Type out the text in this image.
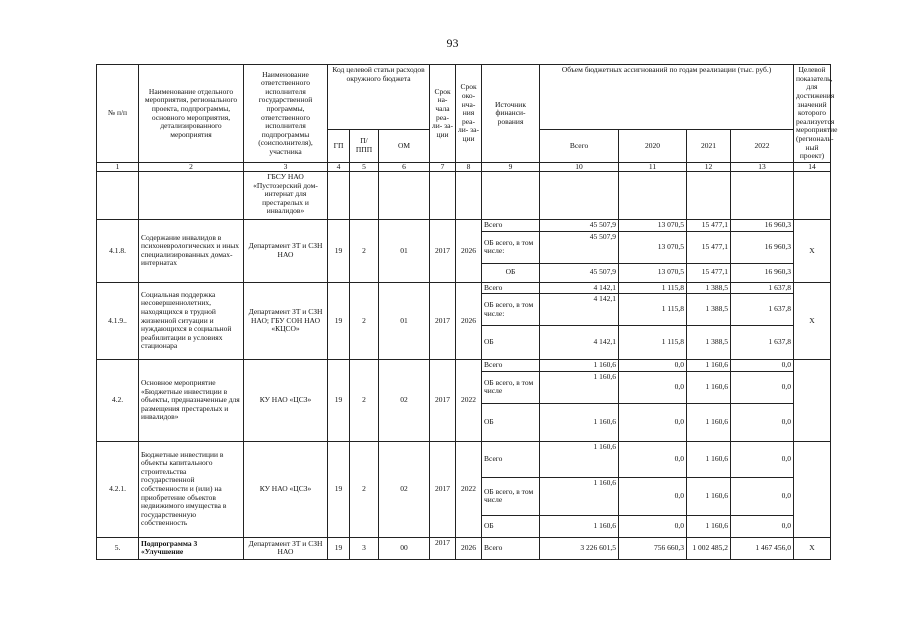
93
№ п/п	Наименование отдельного мероприятия, регионального проекта, подпрограммы, основного мероприятия, детализированного мероприятия	Наименование ответственного исполнителя государственной программы, ответственного исполнителя подпрограммы (соисполнителя), участника	Код целевой статьи расходов окружного бюджета			Срок на- чала реа- ли- за- ции	Срок око- нча- ния реа- ли- за- ции	Источник финанси- рования	Объем бюджетных ассигнований по годам реализации (тыс. руб.)				Целевой показатель, для достижения значений которого реализуется мероприятие (региональ- ный проект)
			ГП	П/ ППП	ОМ				Всего	2020	2021	2022	
1	2	3	4	5	6	7	8	9	10	11	12	13	14
		ГБСУ НАО «Пустозерский дом-интернат для престарелых и инвалидов»											
4.1.8.	Содержание инвалидов в психоневрологических и иных специализированных домах-интернатах	Департамент ЗТ и СЗН НАО	19	2	01	2017	2026	Всего	45 507,9	13 070,5	15 477,1	16 960,3	X
								ОБ всего, в том числе:	45 507,9	13 070,5	15 477,1	16 960,3	
								ОБ	45 507,9	13 070,5	15 477,1	16 960,3	
4.1.9..	Социальная поддержка несовершеннолетних, находящихся в трудной жизненной ситуации и нуждающихся в социальной реабилитации в условиях стационара	Департамент ЗТ и СЗН НАО; ГБУ СОН НАО «КЦСО»	19	2	01	2017	2026	Всего	4 142,1	1 115,8	1 388,5	1 637,8	X
								ОБ всего, в том числе:	4 142,1	1 115,8	1 388,5	1 637,8	
								ОБ	4 142,1	1 115,8	1 388,5	1 637,8	
4.2.	Основное мероприятие «Бюджетные инвестиции в объекты, предназначенные для размещения престарелых и инвалидов»	КУ НАО «ЦСЗ»	19	2	02	2017	2022	Всего	1 160,6	0,0	1 160,6	0,0	
								ОБ всего, в том числе	1 160,6	0,0	1 160,6	0,0	
								ОБ	1 160,6	0,0	1 160,6	0,0	
4.2.1.	Бюджетные инвестиции в объекты капитального строительства государственной собственности и (или) на приобретение объектов недвижимого имущества в государственную собственность	КУ НАО «ЦСЗ»	19	2	02	2017	2022	Всего	1 160,6	0,0	1 160,6	0,0	
								ОБ всего, в том числе	1 160,6	0,0	1 160,6	0,0	
								ОБ	1 160,6	0,0	1 160,6	0,0	
5.	Подпрограмма 3 «Улучшение	Департамент ЗТ и СЗН НАО	19	3	00	2017	2026	Всего	3 226 601,5	756 660,3	1 002 485,2	1 467 456,0	X
